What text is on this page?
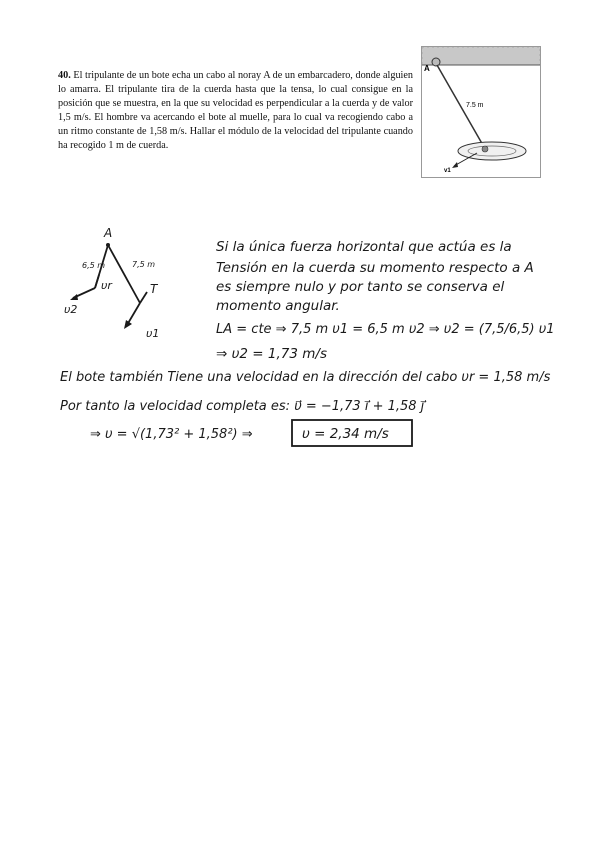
40. El tripulante de un bote echa un cabo al noray A de un embarcadero, donde alguien lo amarra. El tripulante tira de la cuerda hasta que la tensa, lo cual consigue en la posición que se muestra, en la que su velocidad es perpendicular a la cuerda y de valor 1,5 m/s. El hombre va acercando el bote al muelle, para lo cual va recogiendo cabo a un ritmo constante de 1,58 m/s. Hallar el módulo de la velocidad del tripulante cuando ha recogido 1 m de cuerda.
A
7.5 m
v1
A
6,5 m	7,5 m
υ2
υr	T
υ1
Si la única fuerza horizontal que actúa es la
Tensión en la cuerda su momento respecto a A
es siempre nulo y por tanto se conserva el
momento angular.
LA = cte ⇒ 7,5 m υ1 = 6,5 m υ2 ⇒ υ2 = (7,5/6,5) υ1
⇒ υ2 = 1,73 m/s
El bote también Tiene una velocidad en la dirección del cabo υr = 1,58 m/s
Por tanto la velocidad completa es: υ⃗ = −1,73 i⃗ + 1,58 j⃗
⇒ υ = √(1,73² + 1,58²) ⇒	υ = 2,34 m/s
